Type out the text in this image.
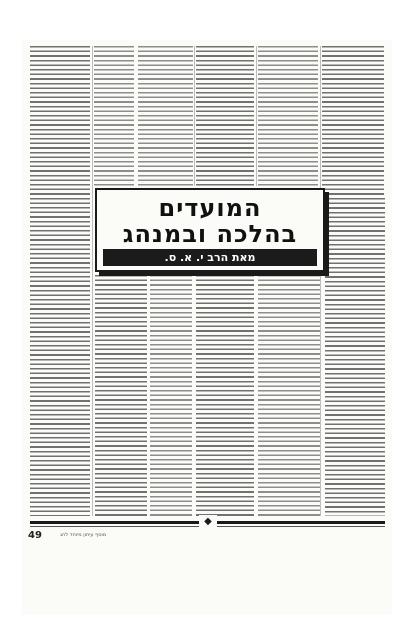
המועדים
בהלכה ובמנהג
מאת הרב י. א. ס.
◆
49	מוסף עיתון מיוחד לחג
